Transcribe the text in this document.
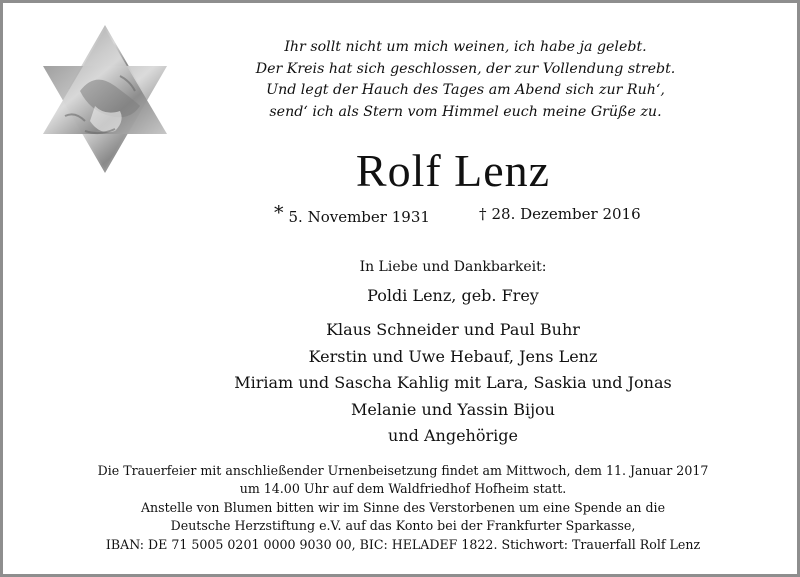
Ihr sollt nicht um mich weinen, ich habe ja gelebt.
Der Kreis hat sich geschlossen, der zur Vollendung strebt.
Und legt der Hauch des Tages am Abend sich zur Ruh‘,
send‘ ich als Stern vom Himmel euch meine Grüße zu.
Rolf Lenz
* 5. November 1931	† 28. Dezember 2016
In Liebe und Dankbarkeit:
Poldi Lenz, geb. Frey
Klaus Schneider und Paul Buhr
Kerstin und Uwe Hebauf, Jens Lenz
Miriam und Sascha Kahlig mit Lara, Saskia und Jonas
Melanie und Yassin Bijou
und Angehörige
Die Trauerfeier mit anschließender Urnenbeisetzung findet am Mittwoch, dem 11. Januar 2017
um 14.00 Uhr auf dem Waldfriedhof Hofheim statt.
Anstelle von Blumen bitten wir im Sinne des Verstorbenen um eine Spende an die
Deutsche Herzstiftung e.V. auf das Konto bei der Frankfurter Sparkasse,
IBAN: DE 71 5005 0201 0000 9030 00, BIC: HELADEF 1822. Stichwort: Trauerfall Rolf Lenz
